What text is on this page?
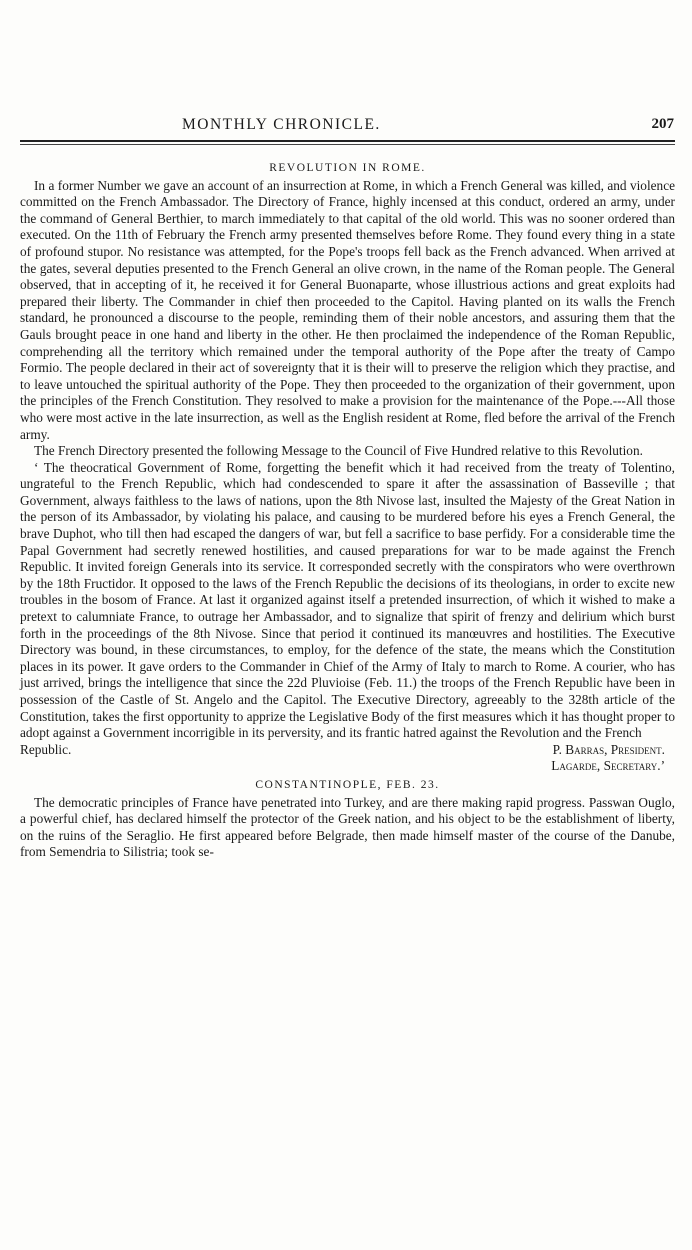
MONTHLY CHRONICLE.	207
REVOLUTION IN ROME.

In a former Number we gave an account of an insurrection at Rome, in which a French General was killed, and violence committed on the French Ambassador. The Directory of France, highly incensed at this conduct, ordered an army, under the command of General Berthier, to march immediately to that capital of the old world. This was no sooner ordered than executed. On the 11th of February the French army presented themselves before Rome. They found every thing in a state of profound stupor. No resistance was attempted, for the Pope's troops fell back as the French advanced. When arrived at the gates, several deputies presented to the French General an olive crown, in the name of the Roman people. The General observed, that in accepting of it, he received it for General Buonaparte, whose illustrious actions and great exploits had prepared their liberty. The Commander in chief then proceeded to the Capitol. Having planted on its walls the French standard, he pronounced a discourse to the people, reminding them of their noble ancestors, and assuring them that the Gauls brought peace in one hand and liberty in the other. He then proclaimed the independence of the Roman Republic, comprehending all the territory which remained under the temporal authority of the Pope after the treaty of Campo Formio. The people declared in their act of sovereignty that it is their will to preserve the religion which they practise, and to leave untouched the spiritual authority of the Pope. They then proceeded to the organization of their government, upon the principles of the French Constitution. They resolved to make a provision for the maintenance of the Pope.---All those who were most active in the late insurrection, as well as the English resident at Rome, fled before the arrival of the French army.

The French Directory presented the following Message to the Council of Five Hundred relative to this Revolution.

‘ The theocratical Government of Rome, forgetting the benefit which it had received from the treaty of Tolentino, ungrateful to the French Republic, which had condescended to spare it after the assassination of Basseville ; that Government, always faithless to the laws of nations, upon the 8th Nivose last, insulted the Majesty of the Great Nation in the person of its Ambassador, by violating his palace, and causing to be murdered before his eyes a French General, the brave Duphot, who till then had escaped the dangers of war, but fell a sacrifice to base perfidy. For a considerable time the Papal Government had secretly renewed hostilities, and caused preparations for war to be made against the French Republic. It invited foreign Generals into its service. It corresponded secretly with the conspirators who were overthrown by the 18th Fructidor. It opposed to the laws of the French Republic the decisions of its theologians, in order to excite new troubles in the bosom of France. At last it organized against itself a pretended insurrection, of which it wished to make a pretext to calumniate France, to outrage her Ambassador, and to signalize that spirit of frenzy and delirium which burst forth in the proceedings of the 8th Nivose. Since that period it continued its manœuvres and hostilities. The Executive Directory was bound, in these circumstances, to employ, for the defence of the state, the means which the Constitution places in its power. It gave orders to the Commander in Chief of the Army of Italy to march to Rome. A courier, who has just arrived, brings the intelligence that since the 22d Pluvioise (Feb. 11.) the troops of the French Republic have been in possession of the Castle of St. Angelo and the Capitol. The Executive Directory, agreeably to the 328th article of the Constitution, takes the first opportunity to apprize the Legislative Body of the first measures which it has thought proper to adopt against a Government incorrigible in its perversity, and its frantic hatred against the Revolution and the French

Republic.	P. Barras, President.
Lagarde, Secretary.’
CONSTANTINOPLE, FEB. 23.

The democratic principles of France have penetrated into Turkey, and are there making rapid progress. Passwan Ouglo, a powerful chief, has declared himself the protector of the Greek nation, and his object to be the establishment of liberty, on the ruins of the Seraglio. He first appeared before Belgrade, then made himself master of the course of the Danube, from Semendria to Silistria; took se-
